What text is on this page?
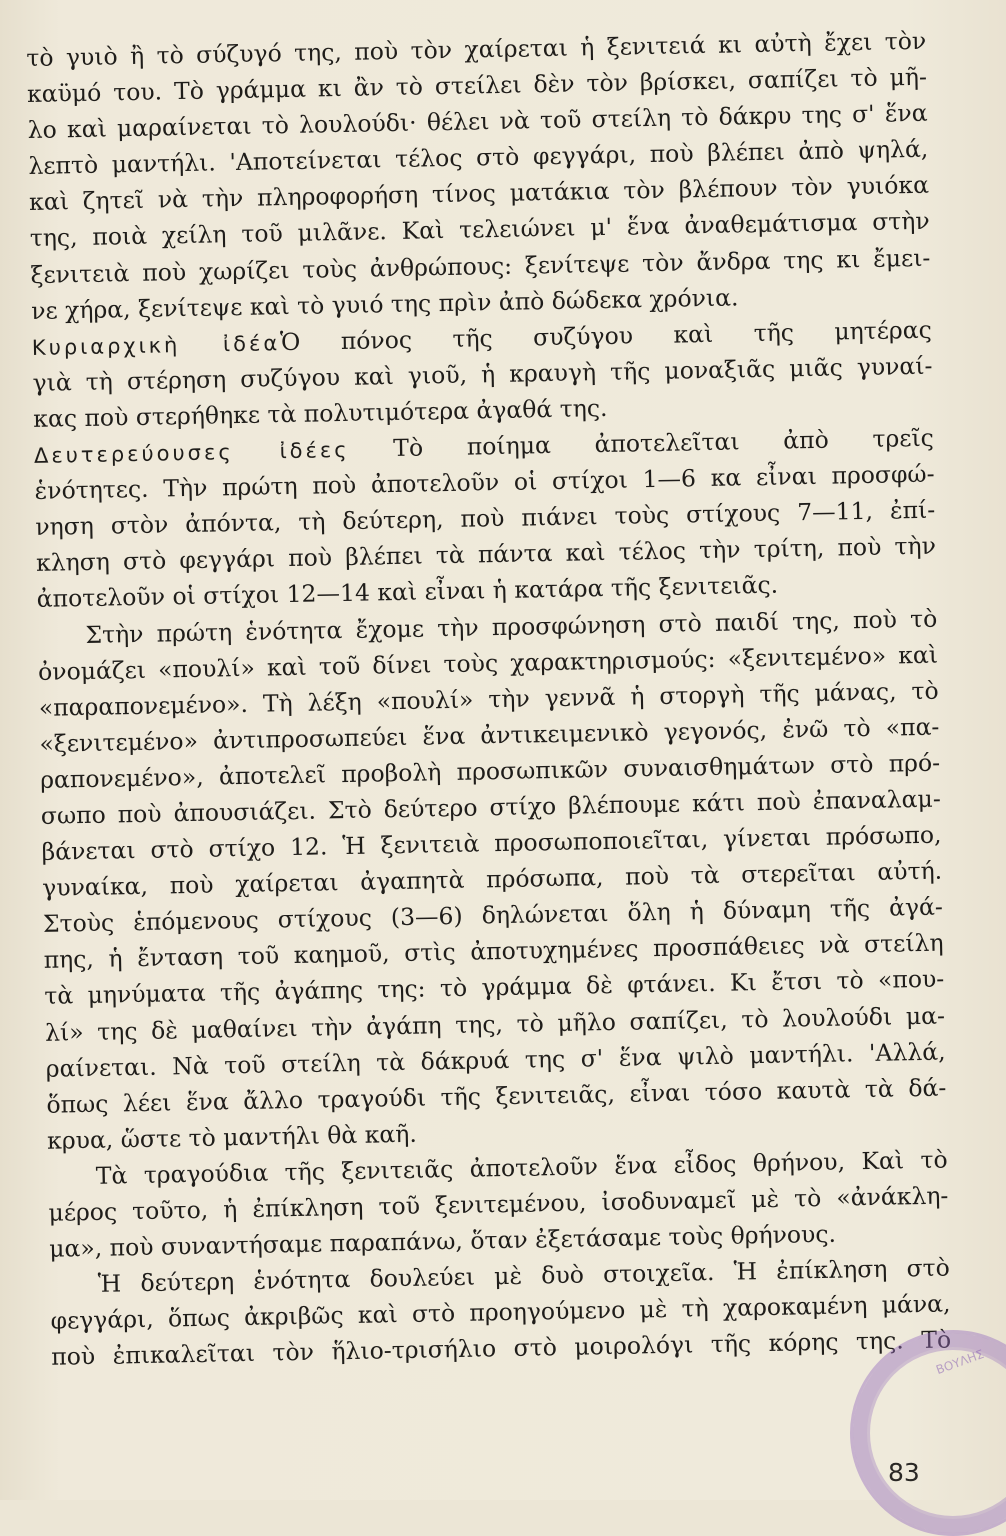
τὸ γυιὸ ἢ τὸ σύζυγό της, ποὺ τὸν χαίρεται ἡ ξενιτειά κι αὐτὴ ἔχει τὸν
καϋμό του. Τὸ γράμμα κι ἂν τὸ στείλει δὲν τὸν βρίσκει, σαπίζει τὸ μῆ-
λο καὶ μαραίνεται τὸ λουλούδι· θέλει νὰ τοῦ στείλη τὸ δάκρυ της σ' ἕνα
λεπτὸ μαντήλι. 'Αποτείνεται τέλος στὸ φεγγάρι, ποὺ βλέπει ἀπὸ ψηλά,
καὶ ζητεῖ νὰ τὴν πληροφορήση τίνος ματάκια τὸν βλέπουν τὸν γυιόκα
της, ποιὰ χείλη τοῦ μιλᾶνε. Καὶ τελειώνει μ' ἕνα ἀναθεμάτισμα στὴν
ξενιτειὰ ποὺ χωρίζει τοὺς ἀνθρώπους: ξενίτεψε τὸν ἄνδρα της κι ἔμει-
νε χήρα, ξενίτεψε καὶ τὸ γυιό της πρὶν ἀπὸ δώδεκα χρόνια.
Κυριαρχικὴ ἰδέαὉ πόνος τῆς συζύγου καὶ τῆς μητέρας
γιὰ τὴ στέρηση συζύγου καὶ γιοῦ, ἡ κραυγὴ τῆς μοναξιᾶς μιᾶς γυναί-
κας ποὺ στερήθηκε τὰ πολυτιμότερα ἀγαθά της.
Δευτερεύουσες ἰδέες Τὸ ποίημα ἀποτελεῖται ἀπὸ τρεῖς
ἑνότητες. Τὴν πρώτη ποὺ ἀποτελοῦν οἱ στίχοι 1—6 κα εἶναι προσφώ-
νηση στὸν ἀπόντα, τὴ δεύτερη, ποὺ πιάνει τοὺς στίχους 7—11, ἐπί-
κληση στὸ φεγγάρι ποὺ βλέπει τὰ πάντα καὶ τέλος τὴν τρίτη, ποὺ τὴν
ἀποτελοῦν οἱ στίχοι 12—14 καὶ εἶναι ἡ κατάρα τῆς ξενιτειᾶς.
Στὴν πρώτη ἑνότητα ἔχομε τὴν προσφώνηση στὸ παιδί της, ποὺ τὸ
ὀνομάζει «πουλί» καὶ τοῦ δίνει τοὺς χαρακτηρισμούς: «ξενιτεμένο» καὶ
«παραπονεμένο». Τὴ λέξη «πουλί» τὴν γεννᾶ ἡ στοργὴ τῆς μάνας, τὸ
«ξενιτεμένο» ἀντιπροσωπεύει ἕνα ἀντικειμενικὸ γεγονός, ἐνῶ τὸ «πα-
ραπονεμένο», ἀποτελεῖ προβολὴ προσωπικῶν συναισθημάτων στὸ πρό-
σωπο ποὺ ἀπουσιάζει. Στὸ δεύτερο στίχο βλέπουμε κάτι ποὺ ἐπαναλαμ-
βάνεται στὸ στίχο 12. Ἡ ξενιτειὰ προσωποποιεῖται, γίνεται πρόσωπο,
γυναίκα, ποὺ χαίρεται ἀγαπητὰ πρόσωπα, ποὺ τὰ στερεῖται αὐτή.
Στοὺς ἑπόμενους στίχους (3—6) δηλώνεται ὅλη ἡ δύναμη τῆς ἀγά-
πης, ἡ ἔνταση τοῦ καημοῦ, στὶς ἀποτυχημένες προσπάθειες νὰ στείλη
τὰ μηνύματα τῆς ἀγάπης της: τὸ γράμμα δὲ φτάνει. Κι ἔτσι τὸ «που-
λί» της δὲ μαθαίνει τὴν ἀγάπη της, τὸ μῆλο σαπίζει, τὸ λουλούδι μα-
ραίνεται. Νὰ τοῦ στείλη τὰ δάκρυά της σ' ἕνα ψιλὸ μαντήλι. 'Αλλά,
ὅπως λέει ἕνα ἄλλο τραγούδι τῆς ξενιτειᾶς, εἶναι τόσο καυτὰ τὰ δά-
κρυα, ὥστε τὸ μαντήλι θὰ καῆ.
Τὰ τραγούδια τῆς ξενιτειᾶς ἀποτελοῦν ἕνα εἶδος θρήνου, Καὶ τὸ
μέρος τοῦτο, ἡ ἐπίκληση τοῦ ξενιτεμένου, ἰσοδυναμεῖ μὲ τὸ «ἀνάκλη-
μα», ποὺ συναντήσαμε παραπάνω, ὅταν ἐξετάσαμε τοὺς θρήνους.
Ἡ δεύτερη ἑνότητα δουλεύει μὲ δυὸ στοιχεῖα. Ἡ ἐπίκληση στὸ
φεγγάρι, ὅπως ἀκριβῶς καὶ στὸ προηγούμενο μὲ τὴ χαροκαμένη μάνα,
ποὺ ἐπικαλεῖται τὸν ἥλιο-τρισήλιο στὸ μοιρολόγι τῆς κόρης της. Τὸ
ΒΟΥΛΗΣ
83
